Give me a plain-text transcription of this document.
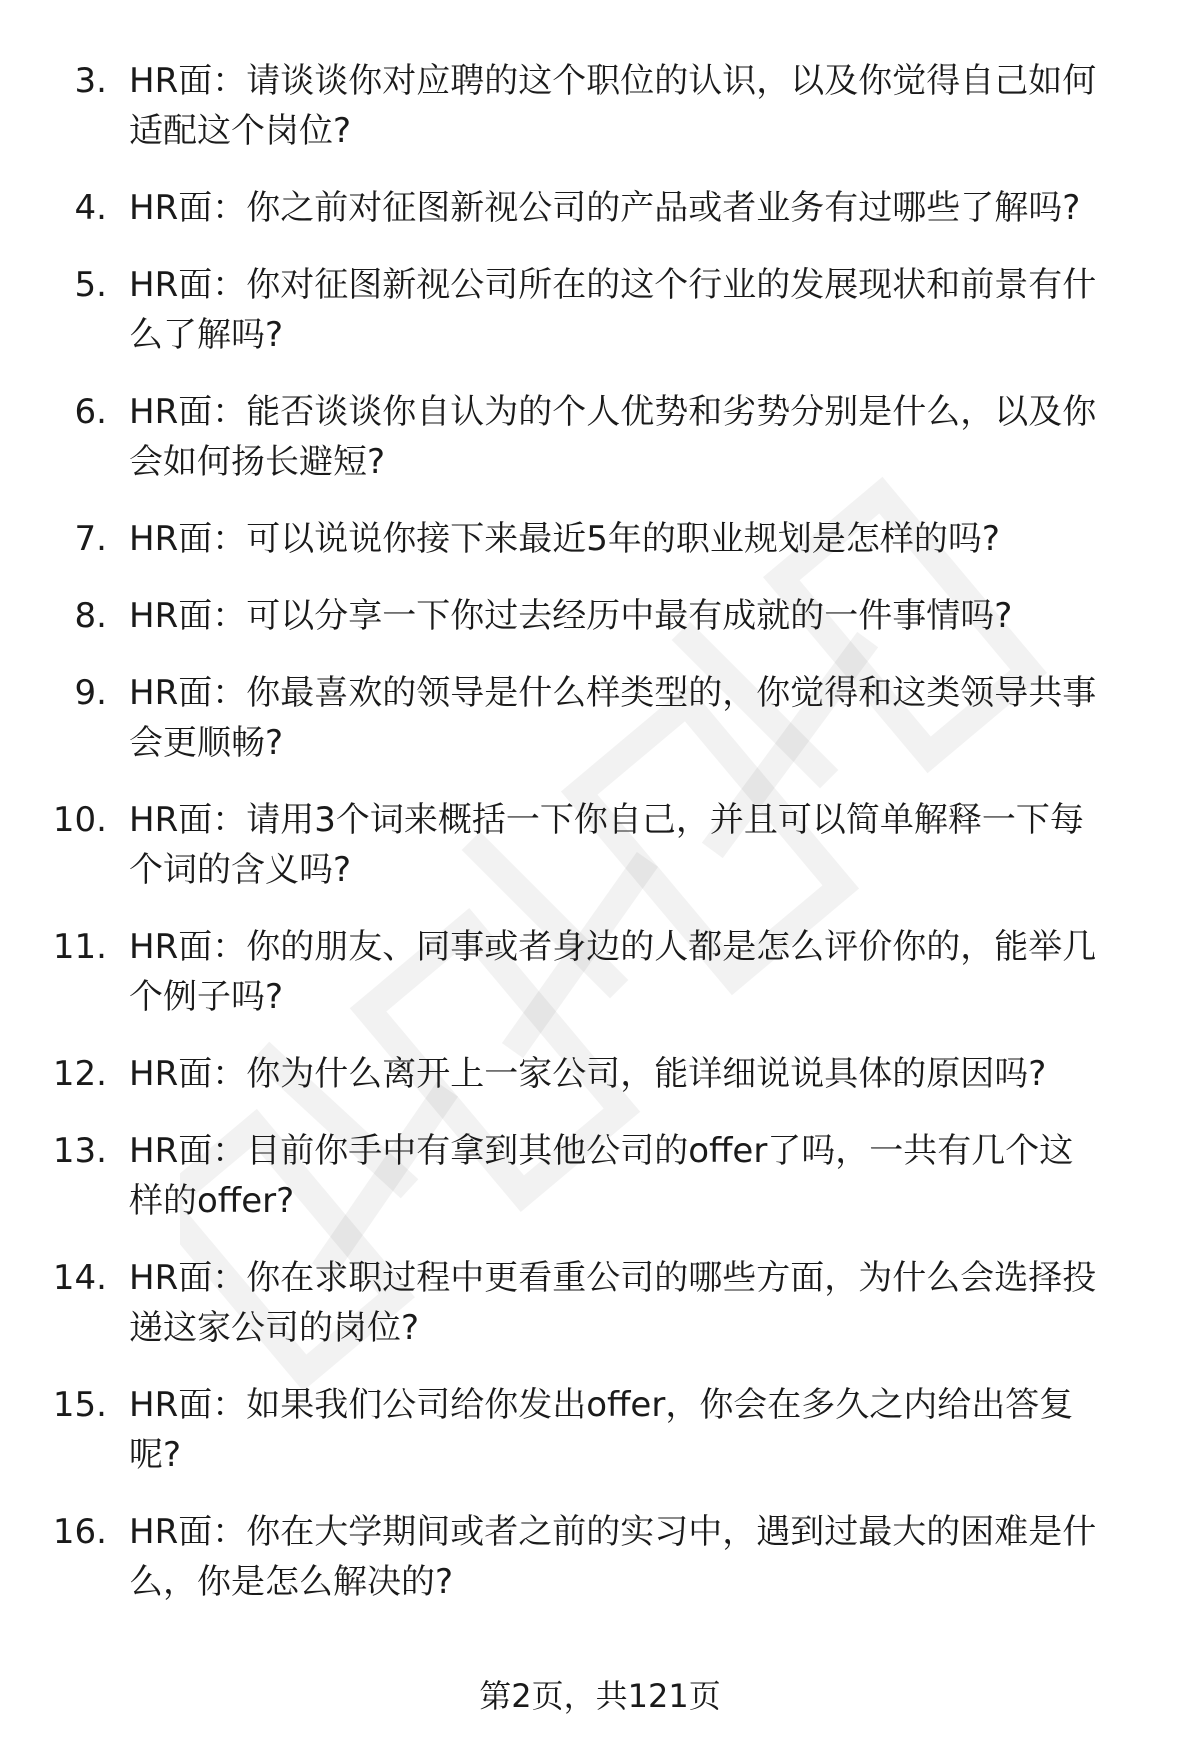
3. HR面：请谈谈你对应聘的这个职位的认识，以及你觉得自己如何
适配这个岗位?
4. HR面：你之前对征图新视公司的产品或者业务有过哪些了解吗?
5. HR面：你对征图新视公司所在的这个行业的发展现状和前景有什
么了解吗?
6. HR面：能否谈谈你自认为的个人优势和劣势分别是什么，以及你
会如何扬长避短?
7. HR面：可以说说你接下来最近5年的职业规划是怎样的吗?
8. HR面：可以分享一下你过去经历中最有成就的一件事情吗?
9. HR面：你最喜欢的领导是什么样类型的，你觉得和这类领导共事
会更顺畅?
10. HR面：请用3个词来概括一下你自己，并且可以简单解释一下每
个词的含义吗?
11. HR面：你的朋友、同事或者身边的人都是怎么评价你的，能举几
个例子吗?
12. HR面：你为什么离开上一家公司，能详细说说具体的原因吗?
13. HR面：目前你手中有拿到其他公司的offer了吗，一共有几个这
样的offer?
14. HR面：你在求职过程中更看重公司的哪些方面，为什么会选择投
递这家公司的岗位?
15. HR面：如果我们公司给你发出offer，你会在多久之内给出答复
呢?
16. HR面：你在大学期间或者之前的实习中，遇到过最大的困难是什
么，你是怎么解决的?
第2页，共121页
